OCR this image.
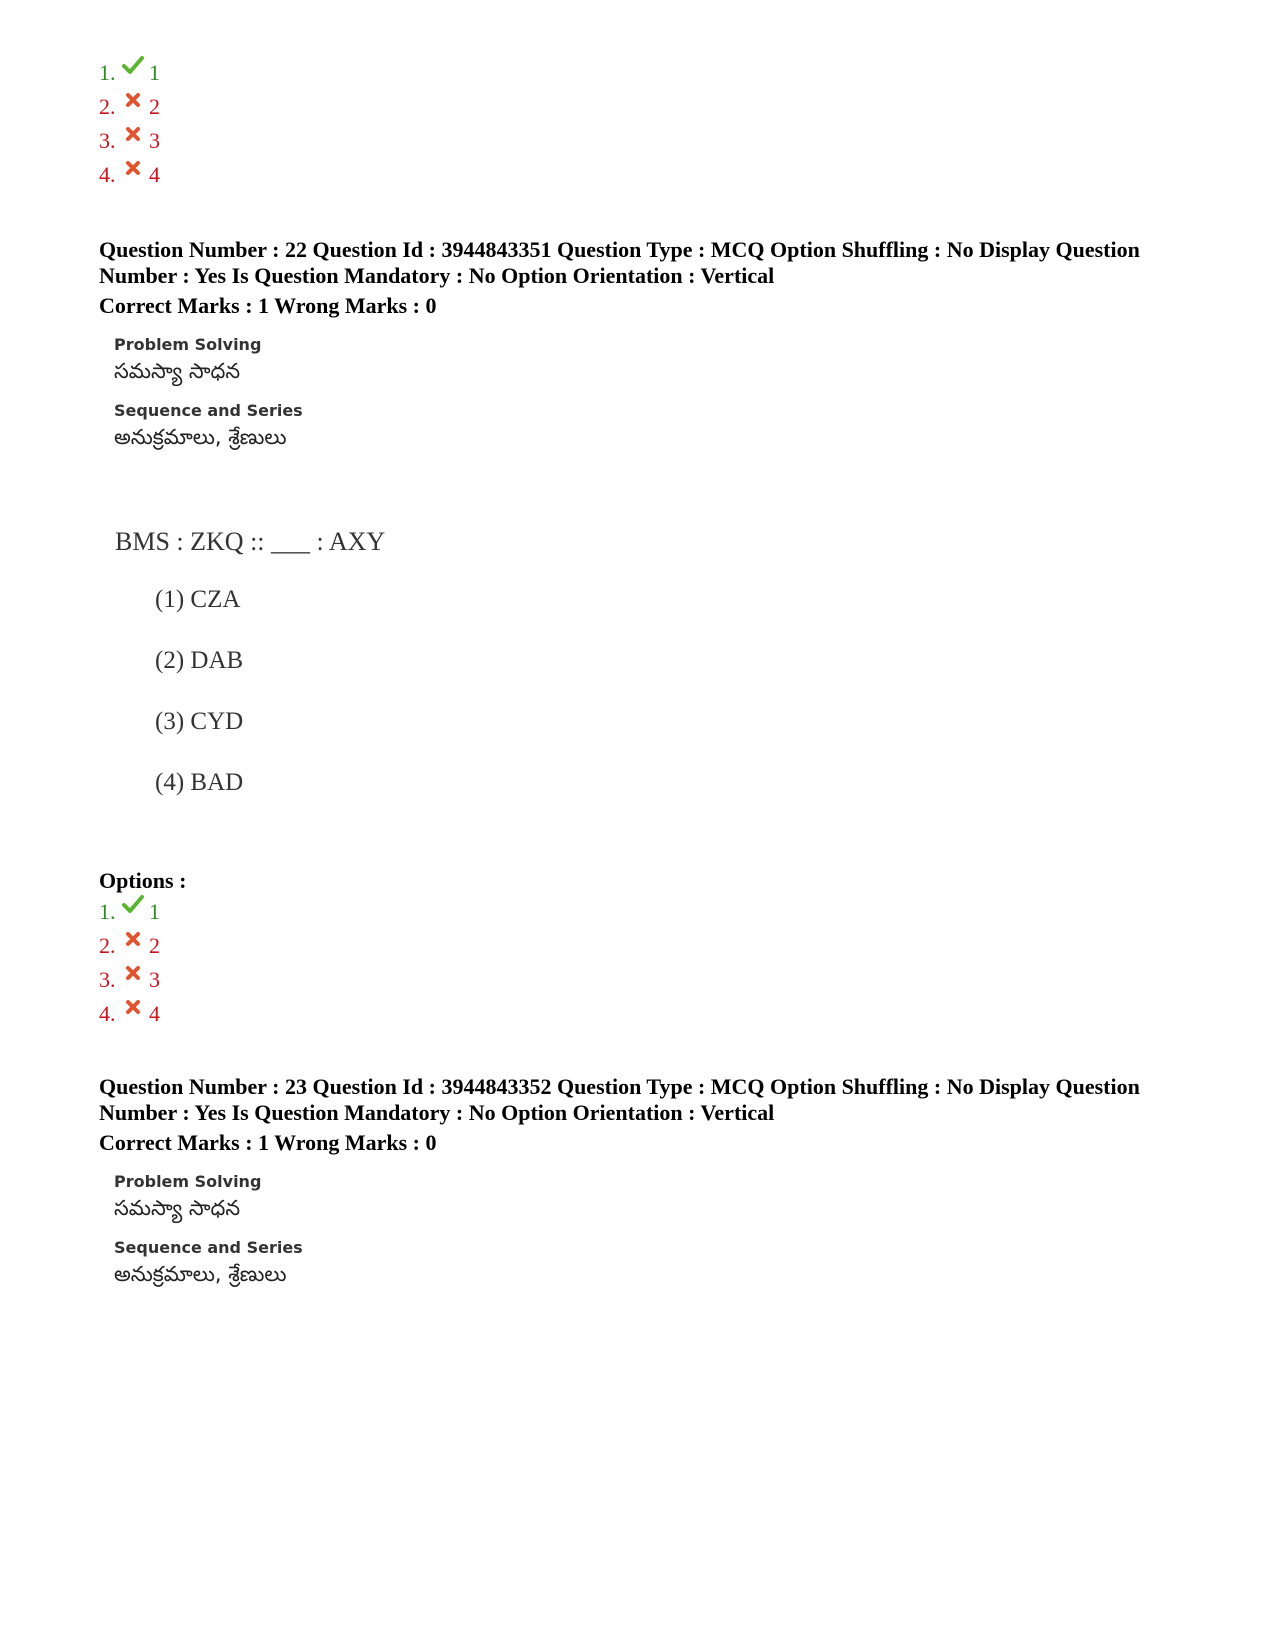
1. 1
2. 2
3. 3
4. 4

Question Number : 22 Question Id : 3944843351 Question Type : MCQ Option Shuffling : No Display Question Number : Yes Is Question Mandatory : No Option Orientation : Vertical

Correct Marks : 1 Wrong Marks : 0
Problem Solving
సమస్యా సాధన
Sequence and Series
అనుక్రమాలు, శ్రేణులు
BMS : ZKQ :: ___ : AXY
(1) CZA
(2) DAB
(3) CYD
(4) BAD
Options :
1. 1
2. 2
3. 3
4. 4

Question Number : 23 Question Id : 3944843352 Question Type : MCQ Option Shuffling : No Display Question Number : Yes Is Question Mandatory : No Option Orientation : Vertical

Correct Marks : 1 Wrong Marks : 0
Problem Solving
సమస్యా సాధన
Sequence and Series
అనుక్రమాలు, శ్రేణులు
